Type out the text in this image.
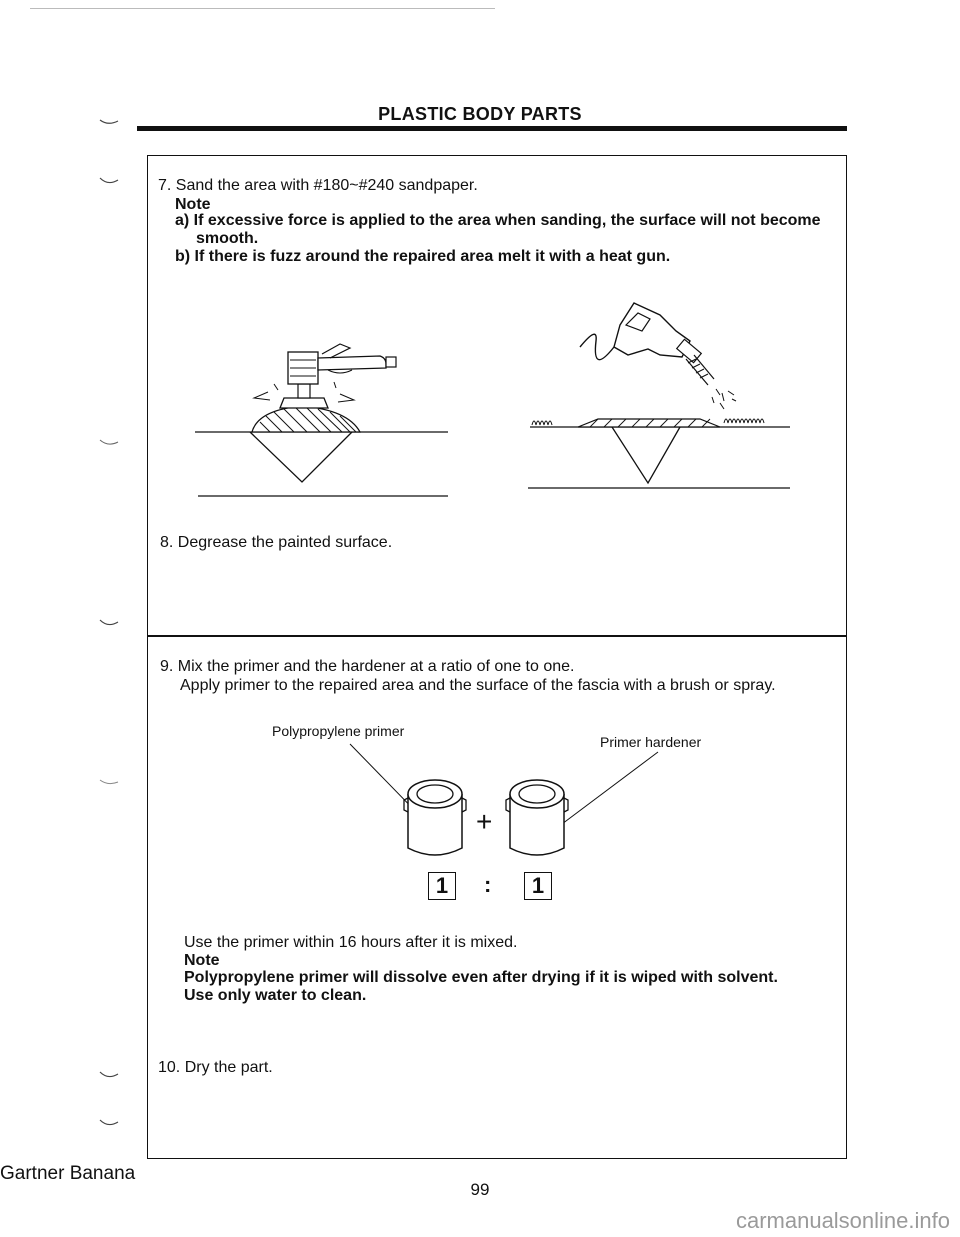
PLASTIC BODY PARTS
7. Sand the area with #180~#240 sandpaper.
Note
a) If excessive force is applied to the area when sanding, the surface will not become
smooth.
b) If there is fuzz around the repaired area melt it with a heat gun.
8. Degrease the painted surface.
9. Mix the primer and the hardener at a ratio of one to one.
Apply primer to the repaired area and the surface of the fascia with a brush or spray.
Polypropylene primer
Primer hardener
+
1	:	1
Use the primer within 16 hours after it is mixed.
Note
Polypropylene primer will dissolve even after drying if it is wiped with solvent.
Use only water to clean.
10. Dry the part.
Gartner Banana
99
carmanualsonline.info
